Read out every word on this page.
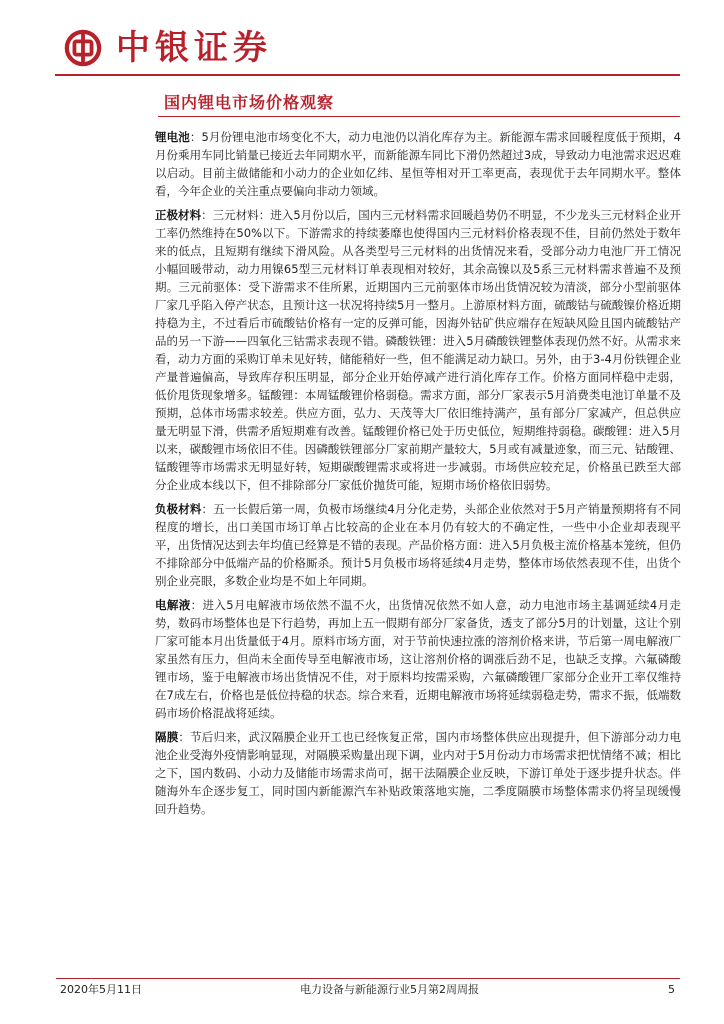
中银证券
国内锂电市场价格观察

锂电池：5月份锂电池市场变化不大，动力电池仍以消化库存为主。新能源车需求回暖程度低于预期，4月份乘用车同比销量已接近去年同期水平，而新能源车同比下滑仍然超过3成，导致动力电池需求迟迟难以启动。目前主做储能和小动力的企业如亿纬、星恒等相对开工率更高，表现优于去年同期水平。整体看，今年企业的关注重点要偏向非动力领域。

正极材料：三元材料：进入5月份以后，国内三元材料需求回暖趋势仍不明显，不少龙头三元材料企业开工率仍然维持在50%以下。下游需求的持续萎靡也使得国内三元材料价格表现不佳，目前仍然处于数年来的低点，且短期有继续下滑风险。从各类型号三元材料的出货情况来看，受部分动力电池厂开工情况小幅回暖带动，动力用镍65型三元材料订单表现相对较好，其余高镍以及5系三元材料需求普遍不及预期。三元前驱体：受下游需求不佳所累，近期国内三元前驱体市场出货情况较为清淡，部分小型前驱体厂家几乎陷入停产状态，且预计这一状况将持续5月一整月。上游原材料方面，硫酸钴与硫酸镍价格近期持稳为主，不过看后市硫酸钴价格有一定的反弹可能，因海外钴矿供应端存在短缺风险且国内硫酸钴产品的另一下游——四氧化三钴需求表现不错。磷酸铁锂：进入5月磷酸铁锂整体表现仍然不好。从需求来看，动力方面的采购订单未见好转，储能稍好一些，但不能满足动力缺口。另外，由于3-4月份铁锂企业产量普遍偏高，导致库存积压明显，部分企业开始停减产进行消化库存工作。价格方面同样稳中走弱，低价甩货现象增多。锰酸锂：本周锰酸锂价格弱稳。需求方面，部分厂家表示5月消费类电池订单量不及预期，总体市场需求较差。供应方面，弘力、天茂等大厂依旧维持满产，虽有部分厂家减产，但总供应量无明显下滑，供需矛盾短期难有改善。锰酸锂价格已处于历史低位，短期维持弱稳。碳酸锂：进入5月以来，碳酸锂市场依旧不佳。因磷酸铁锂部分厂家前期产量较大，5月或有减量迹象，而三元、钴酸锂、锰酸锂等市场需求无明显好转，短期碳酸锂需求或将进一步减弱。市场供应较充足，价格虽已跌至大部分企业成本线以下，但不排除部分厂家低价抛货可能，短期市场价格依旧弱势。

负极材料：五一长假后第一周，负极市场继续4月分化走势，头部企业依然对于5月产销量预期将有不同程度的增长，出口美国市场订单占比较高的企业在本月仍有较大的不确定性，一些中小企业却表现平平，出货情况达到去年均值已经算是不错的表现。产品价格方面：进入5月负极主流价格基本笼统，但仍不排除部分中低端产品的价格厮杀。预计5月负极市场将延续4月走势，整体市场依然表现不佳，出货个别企业亮眼，多数企业均是不如上年同期。

电解液：进入5月电解液市场依然不温不火，出货情况依然不如人意，动力电池市场主基调延续4月走势，数码市场整体也是下行趋势，再加上五一假期有部分厂家备货，透支了部分5月的计划量，这让个别厂家可能本月出货量低于4月。原料市场方面，对于节前快速拉涨的溶剂价格来讲，节后第一周电解液厂家虽然有压力，但尚未全面传导至电解液市场，这让溶剂价格的调涨后劲不足，也缺乏支撑。六氟磷酸锂市场，鉴于电解液市场出货情况不佳，对于原料均按需采购，六氟磷酸锂厂家部分企业开工率仅维持在7成左右，价格也是低位持稳的状态。综合来看，近期电解液市场将延续弱稳走势，需求不振，低端数码市场价格混战将延续。

隔膜：节后归来，武汉隔膜企业开工也已经恢复正常，国内市场整体供应出现提升，但下游部分动力电池企业受海外疫情影响显现，对隔膜采购量出现下调，业内对于5月份动力市场需求把忧情绪不减；相比之下，国内数码、小动力及储能市场需求尚可，据干法隔膜企业反映，下游订单处于逐步提升状态。伴随海外车企逐步复工，同时国内新能源汽车补贴政策落地实施，二季度隔膜市场整体需求仍将呈现缓慢回升趋势。

2020年5月11日	电力设备与新能源行业5月第2周周报	5
